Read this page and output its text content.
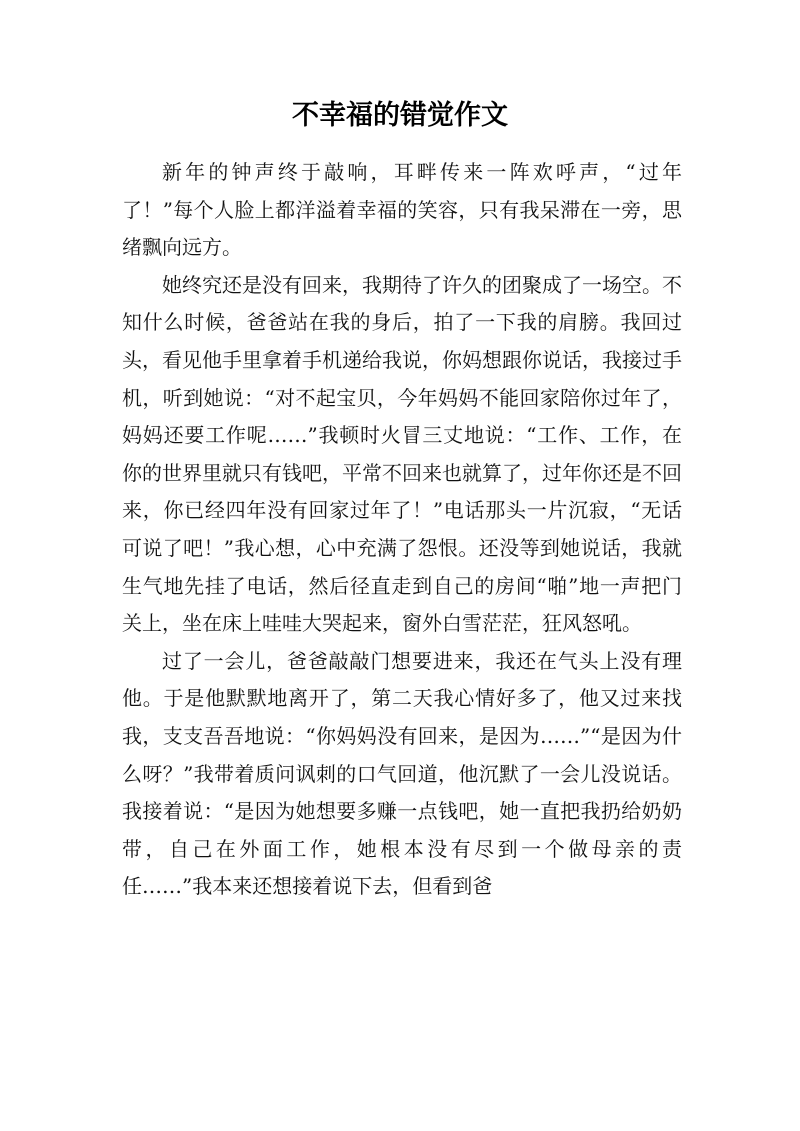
不幸福的错觉作文

新年的钟声终于敲响，耳畔传来一阵欢呼声，“过年了！”每个人脸上都洋溢着幸福的笑容，只有我呆滞在一旁，思绪飘向远方。

她终究还是没有回来，我期待了许久的团聚成了一场空。不知什么时候，爸爸站在我的身后，拍了一下我的肩膀。我回过头，看见他手里拿着手机递给我说，你妈想跟你说话，我接过手机，听到她说：“对不起宝贝，今年妈妈不能回家陪你过年了，妈妈还要工作呢……”我顿时火冒三丈地说：“工作、工作，在你的世界里就只有钱吧，平常不回来也就算了，过年你还是不回来，你已经四年没有回家过年了！”电话那头一片沉寂，“无话可说了吧！”我心想，心中充满了怨恨。还没等到她说话，我就生气地先挂了电话，然后径直走到自己的房间“啪”地一声把门关上，坐在床上哇哇大哭起来，窗外白雪茫茫，狂风怒吼。

过了一会儿，爸爸敲敲门想要进来，我还在气头上没有理他。于是他默默地离开了，第二天我心情好多了，他又过来找我，支支吾吾地说：“你妈妈没有回来，是因为……”“是因为什么呀？”我带着质问讽刺的口气回道，他沉默了一会儿没说话。我接着说：“是因为她想要多赚一点钱吧，她一直把我扔给奶奶带，自己在外面工作，她根本没有尽到一个做母亲的责任……”我本来还想接着说下去，但看到爸
